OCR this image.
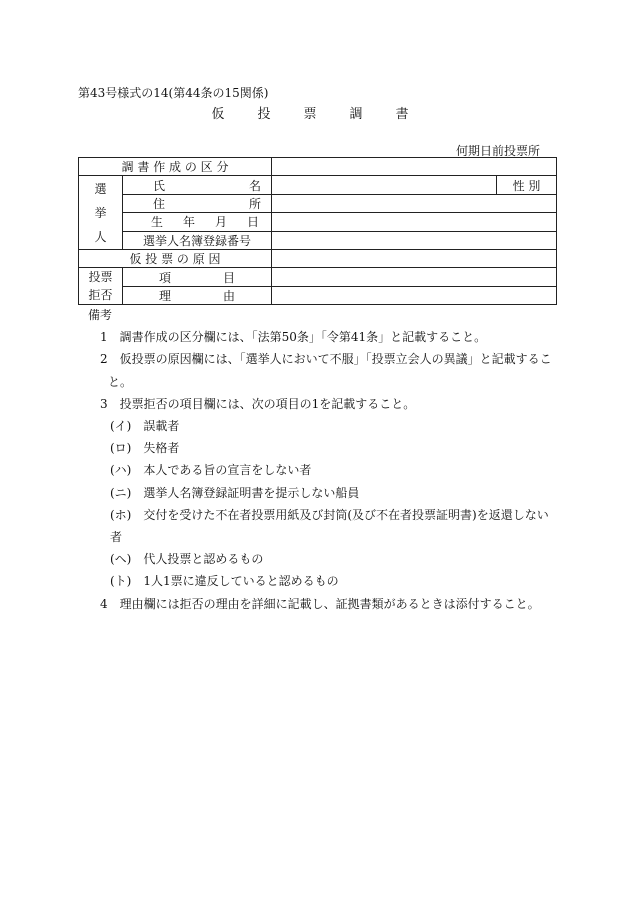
第43号様式の14(第44条の15関係)
仮　投　票　調　書
何期日前投票所
調 書 作 成 の 区 分			

選
挙
人	氏 名		性 別

	住 所		

	生 年 月 日		

	選挙人名簿登録番号		
仮 投 票 の 原 因			

投票
拒否	項 目		

	理 由		

備考
1　調書作成の区分欄には、「法第50条」「令第41条」と記載すること。
2　仮投票の原因欄には、「選挙人において不服」「投票立会人の異議」と記載するこ
と。
3　投票拒否の項目欄には、次の項目の1を記載すること。
(イ)　誤載者
(ロ)　失格者
(ハ)　本人である旨の宣言をしない者
(ニ)　選挙人名簿登録証明書を提示しない船員
(ホ)　交付を受けた不在者投票用紙及び封筒(及び不在者投票証明書)を返還しない
者
(ヘ)　代人投票と認めるもの
(ト)　1人1票に違反していると認めるもの
4　理由欄には拒否の理由を詳細に記載し、証拠書類があるときは添付すること。
